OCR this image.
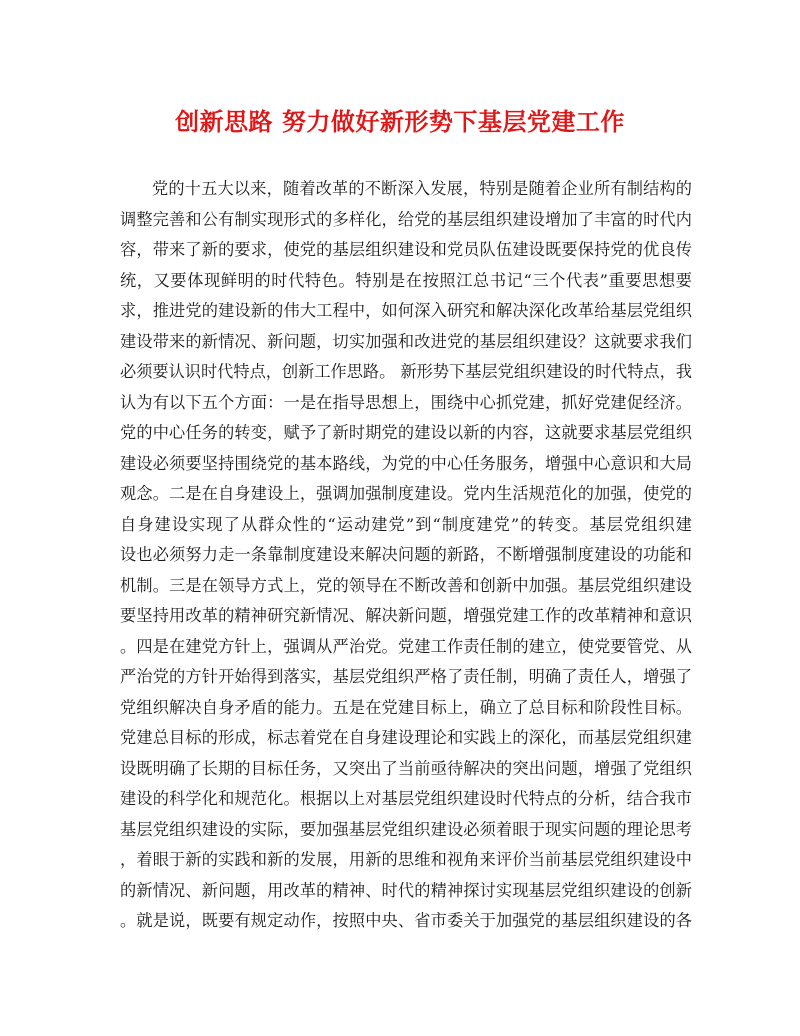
创新思路 努力做好新形势下基层党建工作
党的十五大以来，随着改革的不断深入发展，特别是随着企业所有制结构的
调整完善和公有制实现形式的多样化，给党的基层组织建设增加了丰富的时代内
容，带来了新的要求，使党的基层组织建设和党员队伍建设既要保持党的优良传
统，又要体现鲜明的时代特色。特别是在按照江总书记“三个代表”重要思想要
求，推进党的建设新的伟大工程中，如何深入研究和解决深化改革给基层党组织
建设带来的新情况、新问题，切实加强和改进党的基层组织建设？这就要求我们
必须要认识时代特点，创新工作思路。 新形势下基层党组织建设的时代特点，我
认为有以下五个方面：一是在指导思想上，围绕中心抓党建，抓好党建促经济。
党的中心任务的转变，赋予了新时期党的建设以新的内容，这就要求基层党组织
建设必须要坚持围绕党的基本路线，为党的中心任务服务，增强中心意识和大局
观念。二是在自身建设上，强调加强制度建设。党内生活规范化的加强，使党的
自身建设实现了从群众性的“运动建党”到“制度建党”的转变。基层党组织建
设也必须努力走一条靠制度建设来解决问题的新路，不断增强制度建设的功能和
机制。三是在领导方式上，党的领导在不断改善和创新中加强。基层党组织建设
要坚持用改革的精神研究新情况、解决新问题，增强党建工作的改革精神和意识
。四是在建党方针上，强调从严治党。党建工作责任制的建立，使党要管党、从
严治党的方针开始得到落实，基层党组织严格了责任制，明确了责任人，增强了
党组织解决自身矛盾的能力。五是在党建目标上，确立了总目标和阶段性目标。
党建总目标的形成，标志着党在自身建设理论和实践上的深化，而基层党组织建
设既明确了长期的目标任务，又突出了当前亟待解决的突出问题，增强了党组织
建设的科学化和规范化。根据以上对基层党组织建设时代特点的分析，结合我市
基层党组织建设的实际，要加强基层党组织建设必须着眼于现实问题的理论思考
，着眼于新的实践和新的发展，用新的思维和视角来评价当前基层党组织建设中
的新情况、新问题，用改革的精神、时代的精神探讨实现基层党组织建设的创新
。就是说，既要有规定动作，按照中央、省市委关于加强党的基层组织建设的各
